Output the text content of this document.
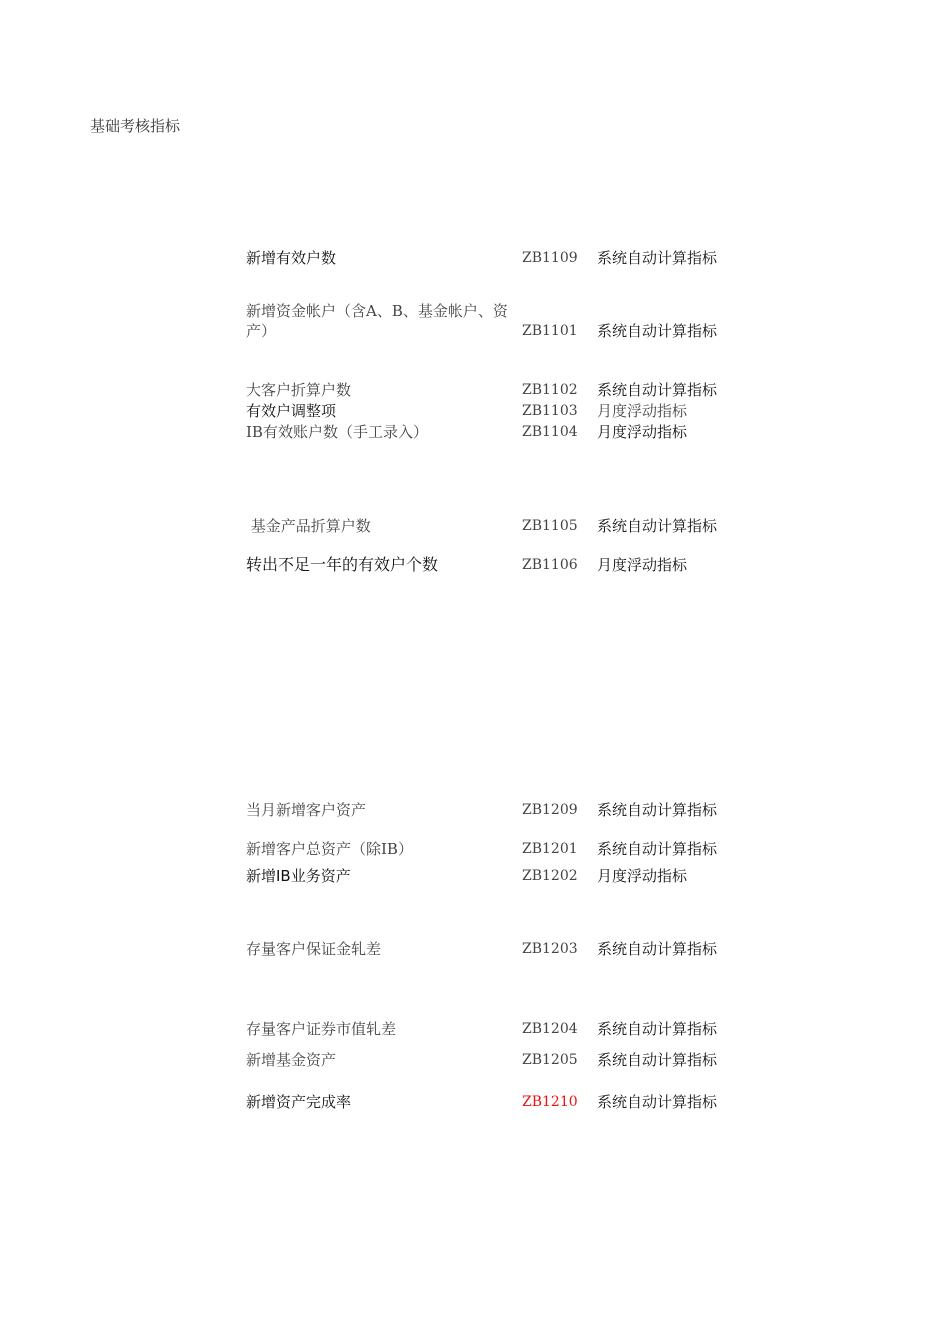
基础考核指标
新增有效户数	ZB1109 系统自动计算指标
新增资金帐户（含A、B、基金帐户、资产）	ZB1101 系统自动计算指标
大客户折算户数	ZB1102 系统自动计算指标
有效户调整项	ZB1103 月度浮动指标
IB有效账户数（手工录入）	ZB1104 月度浮动指标
基金产品折算户数	ZB1105 系统自动计算指标
转出不足一年的有效户个数	ZB1106 月度浮动指标
当月新增客户资产	ZB1209 系统自动计算指标
新增客户总资产（除IB）	ZB1201 系统自动计算指标
新增IB业务资产	ZB1202 月度浮动指标
存量客户保证金轧差	ZB1203 系统自动计算指标
存量客户证券市值轧差	ZB1204 系统自动计算指标
新增基金资产	ZB1205 系统自动计算指标
新增资产完成率	ZB1210 系统自动计算指标
